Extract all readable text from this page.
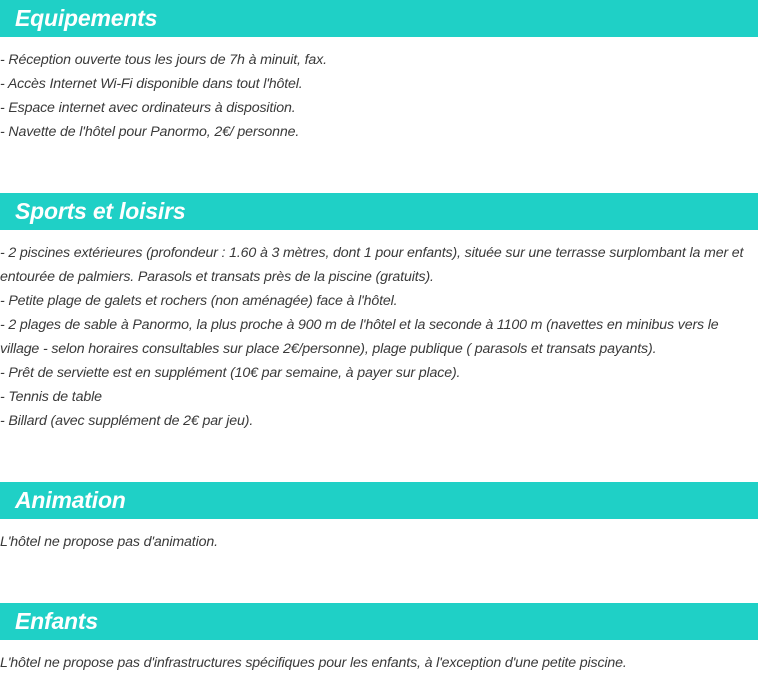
Equipements

- Réception ouverte tous les jours de 7h à minuit, fax.

- Accès Internet Wi-Fi disponible dans tout l'hôtel.

- Espace internet avec ordinateurs à disposition.

- Navette de l'hôtel pour Panormo, 2€/ personne.

Sports et loisirs

- 2 piscines extérieures (profondeur : 1.60 à 3 mètres, dont 1 pour enfants), située sur une terrasse surplombant la mer et entourée de palmiers. Parasols et transats près de la piscine (gratuits).

- Petite plage de galets et rochers (non aménagée) face à l'hôtel.

- 2 plages de sable à Panormo, la plus proche à 900 m de l'hôtel et la seconde à 1100 m (navettes en minibus vers le village - selon horaires consultables sur place 2€/personne), plage publique ( parasols et transats payants).

- Prêt de serviette est en supplément (10€ par semaine, à payer sur place).

- Tennis de table

- Billard (avec supplément de 2€ par jeu).

Animation

L'hôtel ne propose pas d'animation.

Enfants

L'hôtel ne propose pas d'infrastructures spécifiques pour les enfants, à l'exception d'une petite piscine.
